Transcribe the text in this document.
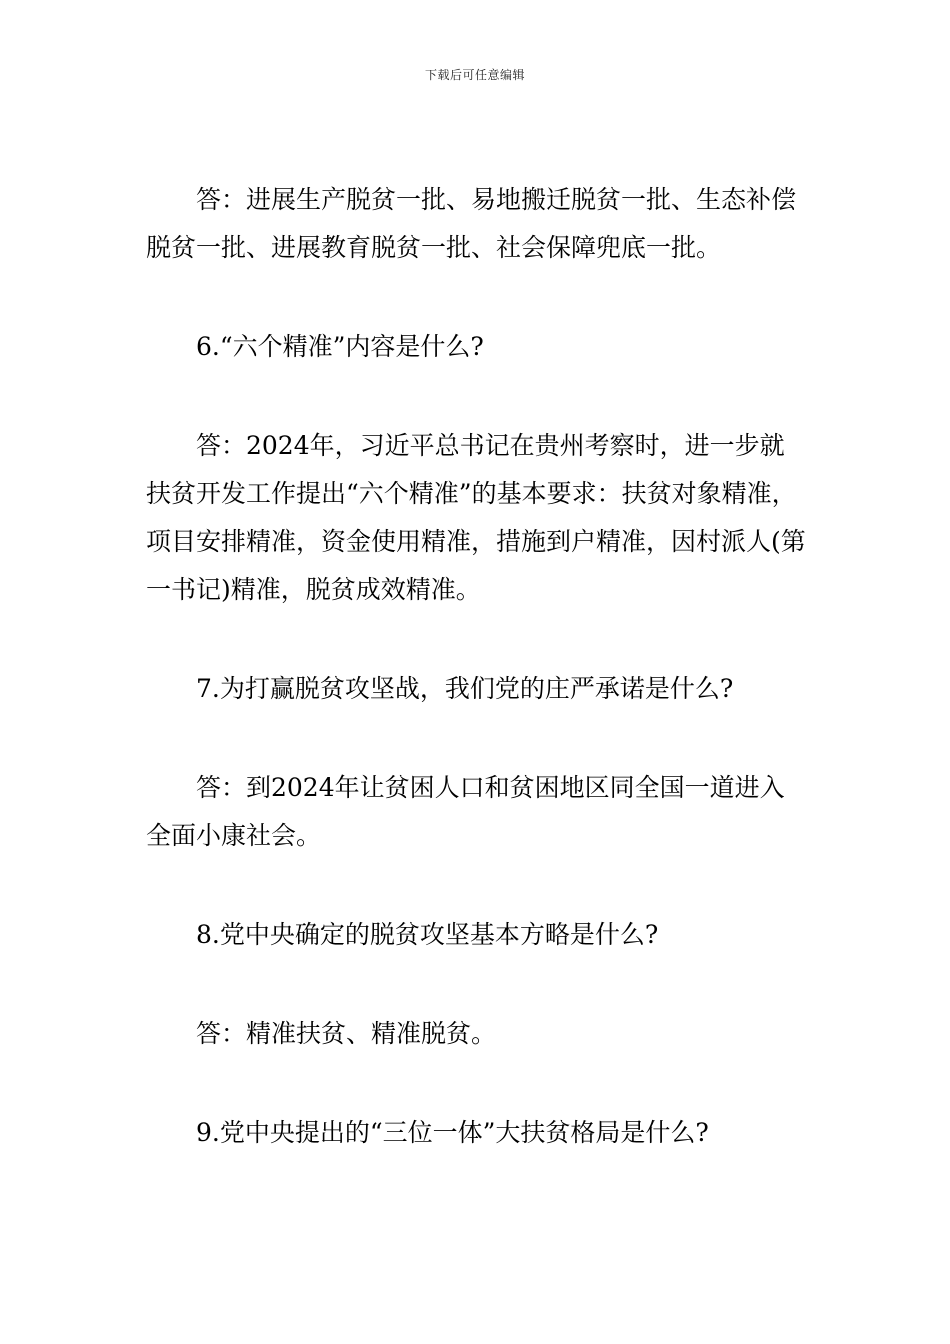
下载后可任意编辑

答：进展生产脱贫一批、易地搬迁脱贫一批、生态补偿脱贫一批、进展教育脱贫一批、社会保障兜底一批。

6.“六个精准”内容是什么?

答：2024年，习近平总书记在贵州考察时，进一步就扶贫开发工作提出“六个精准”的基本要求：扶贫对象精准，项目安排精准，资金使用精准，措施到户精准，因村派人(第一书记)精准，脱贫成效精准。

7.为打赢脱贫攻坚战，我们党的庄严承诺是什么?

答：到2024年让贫困人口和贫困地区同全国一道进入全面小康社会。

8.党中央确定的脱贫攻坚基本方略是什么?

答：精准扶贫、精准脱贫。

9.党中央提出的“三位一体”大扶贫格局是什么?
